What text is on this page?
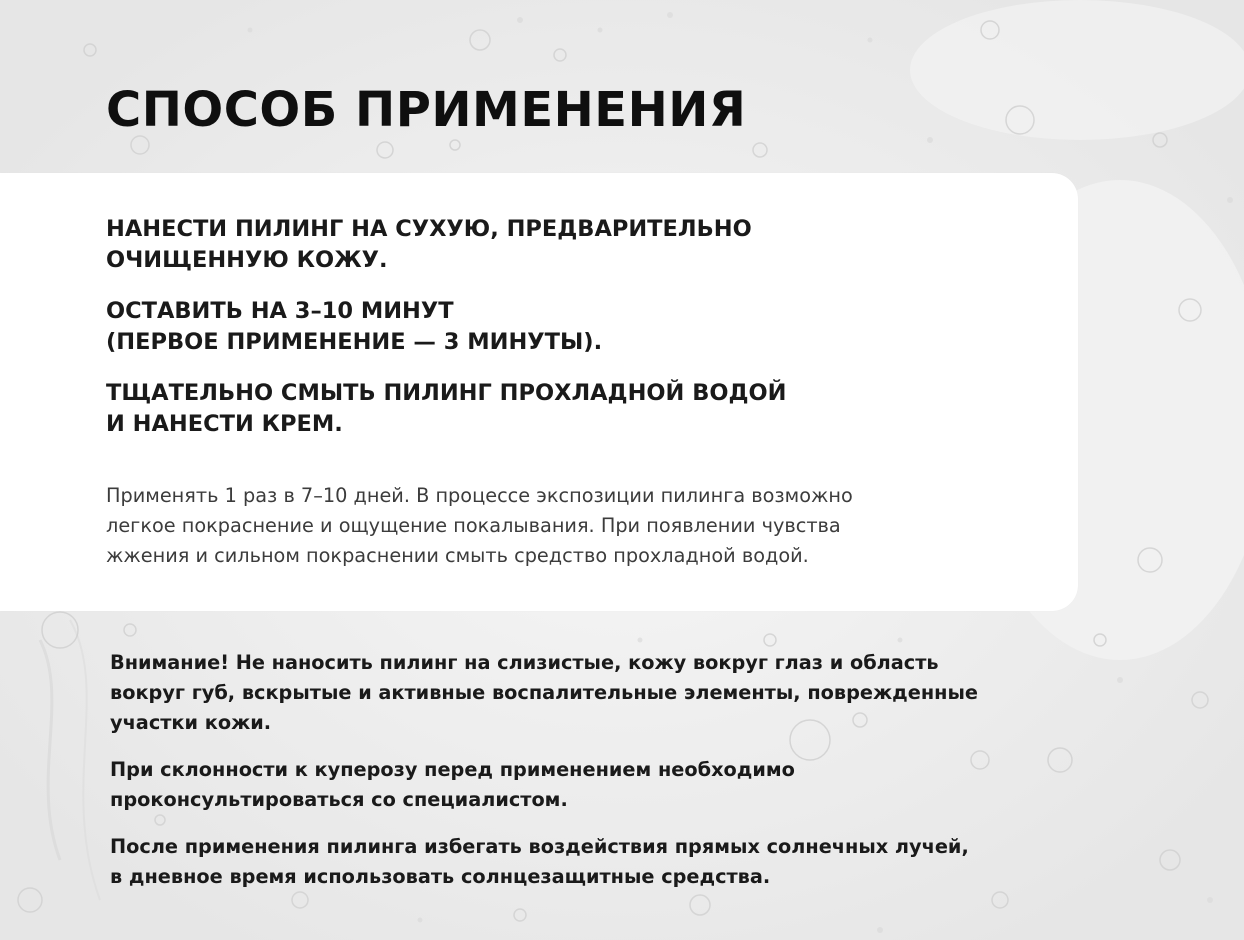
СПОСОБ ПРИМЕНЕНИЯ
НАНЕСТИ ПИЛИНГ НА СУХУЮ, ПРЕДВАРИТЕЛЬНО
ОЧИЩЕННУЮ КОЖУ.
ОСТАВИТЬ НА 3–10 МИНУТ
(ПЕРВОЕ ПРИМЕНЕНИЕ — 3 МИНУТЫ).
ТЩАТЕЛЬНО СМЫТЬ ПИЛИНГ ПРОХЛАДНОЙ ВОДОЙ
И НАНЕСТИ КРЕМ.

Применять 1 раз в 7–10 дней. В процессе экспозиции пилинга возможно
легкое покраснение и ощущение покалывания. При появлении чувства
жжения и сильном покраснении смыть средство прохладной водой.

Внимание! Не наносить пилинг на слизистые, кожу вокруг глаз и область
вокруг губ, вскрытые и активные воспалительные элементы, поврежденные
участки кожи.

При склонности к куперозу перед применением необходимо
проконсультироваться со специалистом.

После применения пилинга избегать воздействия прямых солнечных лучей,
в дневное время использовать солнцезащитные средства.
